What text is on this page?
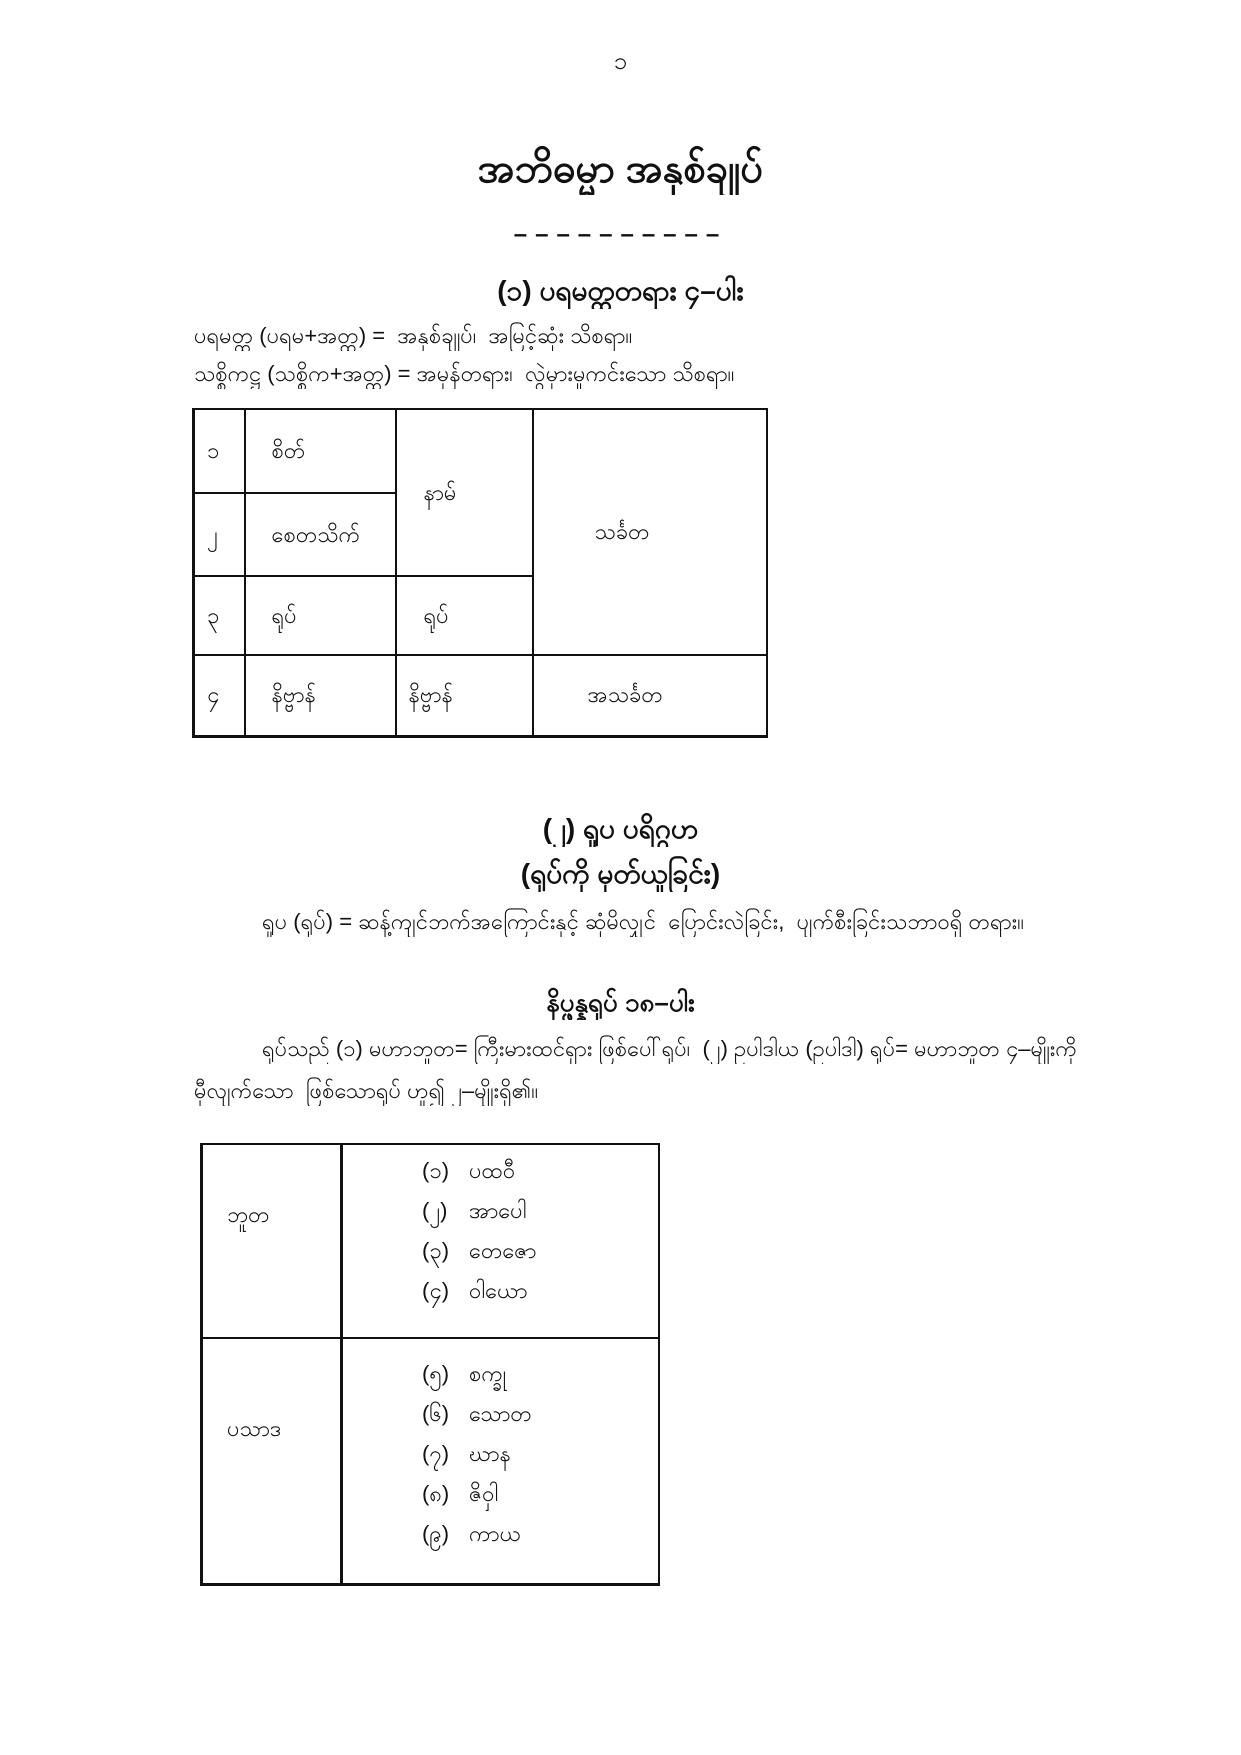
၁
အဘိဓမ္မာ အနှစ်ချုပ်
––––––––––
(၁) ပရမတ္ထတရား ၄–ပါး
ပရမတ္ထ (ပရမ+အတ္ထ) =  အနှစ်ချုပ်၊  အမြင့်ဆုံး သိစရာ။
သစ္စိကဋ္ဌ (သစ္စိက+အတ္ထ) = အမှန်တရား၊  လွဲမှားမှုကင်းသော သိစရာ။
၁	စိတ်	နာမ်	သင်္ခတ
၂	စေတသိက်		
၃	ရုပ်	ရုပ်	
၄	နိဗ္ဗာန်	နိဗ္ဗာန်	အသင်္ခတ
(၂) ရူပ ပရိဂ္ဂဟ
(ရုပ်ကို မှတ်ယူခြင်း)
ရူပ (ရုပ်) = ဆန့်ကျင်ဘက်အကြောင်းနှင့် ဆုံမိလျှင်  ပြောင်းလဲခြင်း,  ပျက်စီးခြင်းသဘာဝရှိ တရား။
နိပ္ဖန္နရုပ် ၁၈–ပါး
ရုပ်သည် (၁) မဟာဘူတ= ကြီးမားထင်ရှား ဖြစ်ပေါ်ရုပ်၊  (၂) ဥပါဒါယ (ဥပါဒါ) ရုပ်= မဟာဘူတ ၄–မျိုးကို
မှီလျက်သော  ဖြစ်သောရုပ် ဟူ၍ ၂–မျိုးရှိ၏။
ဘူတ	(၁) ပထဝီ
(၂) အာပေါ
(၃) တေဇော
(၄) ဝါယော

ပသာဒ	(၅) စက္ခု
(၆) သောတ
(၇) ဃာန
(၈) ဇိဝှါ
(၉) ကာယ
